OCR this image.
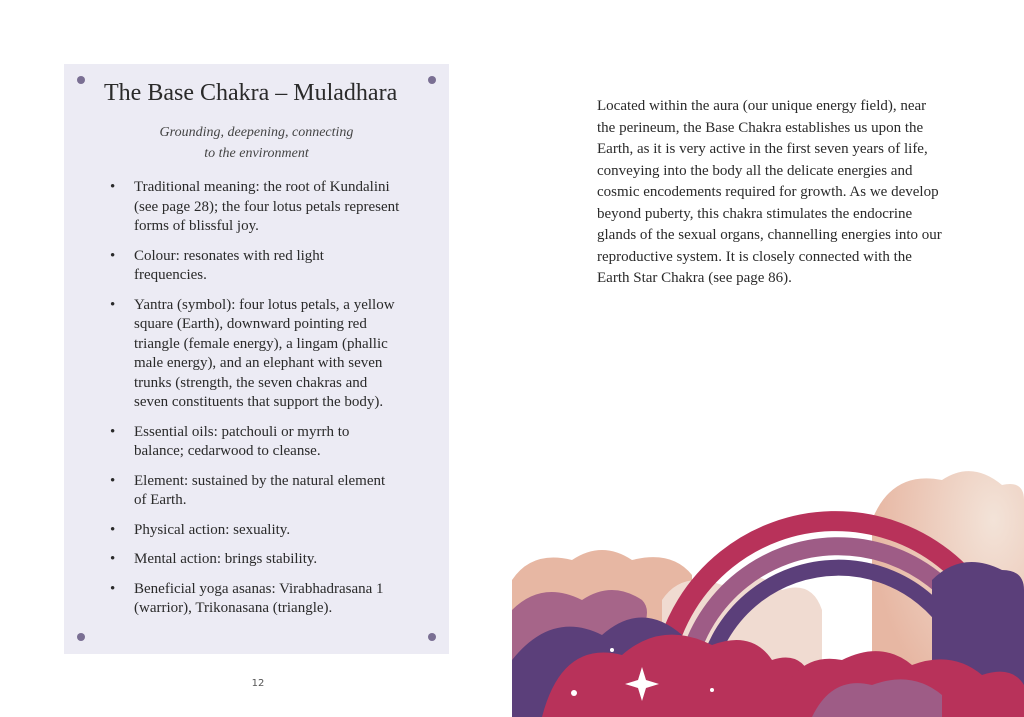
The Base Chakra – Muladhara
Grounding, deepening, connecting
to the environment
• Traditional meaning: the root of Kundalini (see page 28); the four lotus petals represent forms of blissful joy.
• Colour: resonates with red light frequencies.
• Yantra (symbol): four lotus petals, a yellow square (Earth), downward pointing red triangle (female energy), a lingam (phallic male energy), and an elephant with seven trunks (strength, the seven chakras and seven constituents that support the body).
• Essential oils: patchouli or myrrh to balance; cedarwood to cleanse.
• Element: sustained by the natural element of Earth.
• Physical action: sexuality.
• Mental action: brings stability.
• Beneficial yoga asanas: Virabhadrasana 1 (warrior), Trikonasana (triangle).
12

Located within the aura (our unique energy field), near the perineum, the Base Chakra establishes us upon the Earth, as it is very active in the first seven years of life, conveying into the body all the delicate energies and cosmic encodements required for growth. As we develop beyond puberty, this chakra stimulates the endocrine glands of the sexual organs, channelling energies into our reproductive system. It is closely connected with the Earth Star Chakra (see page 86).
